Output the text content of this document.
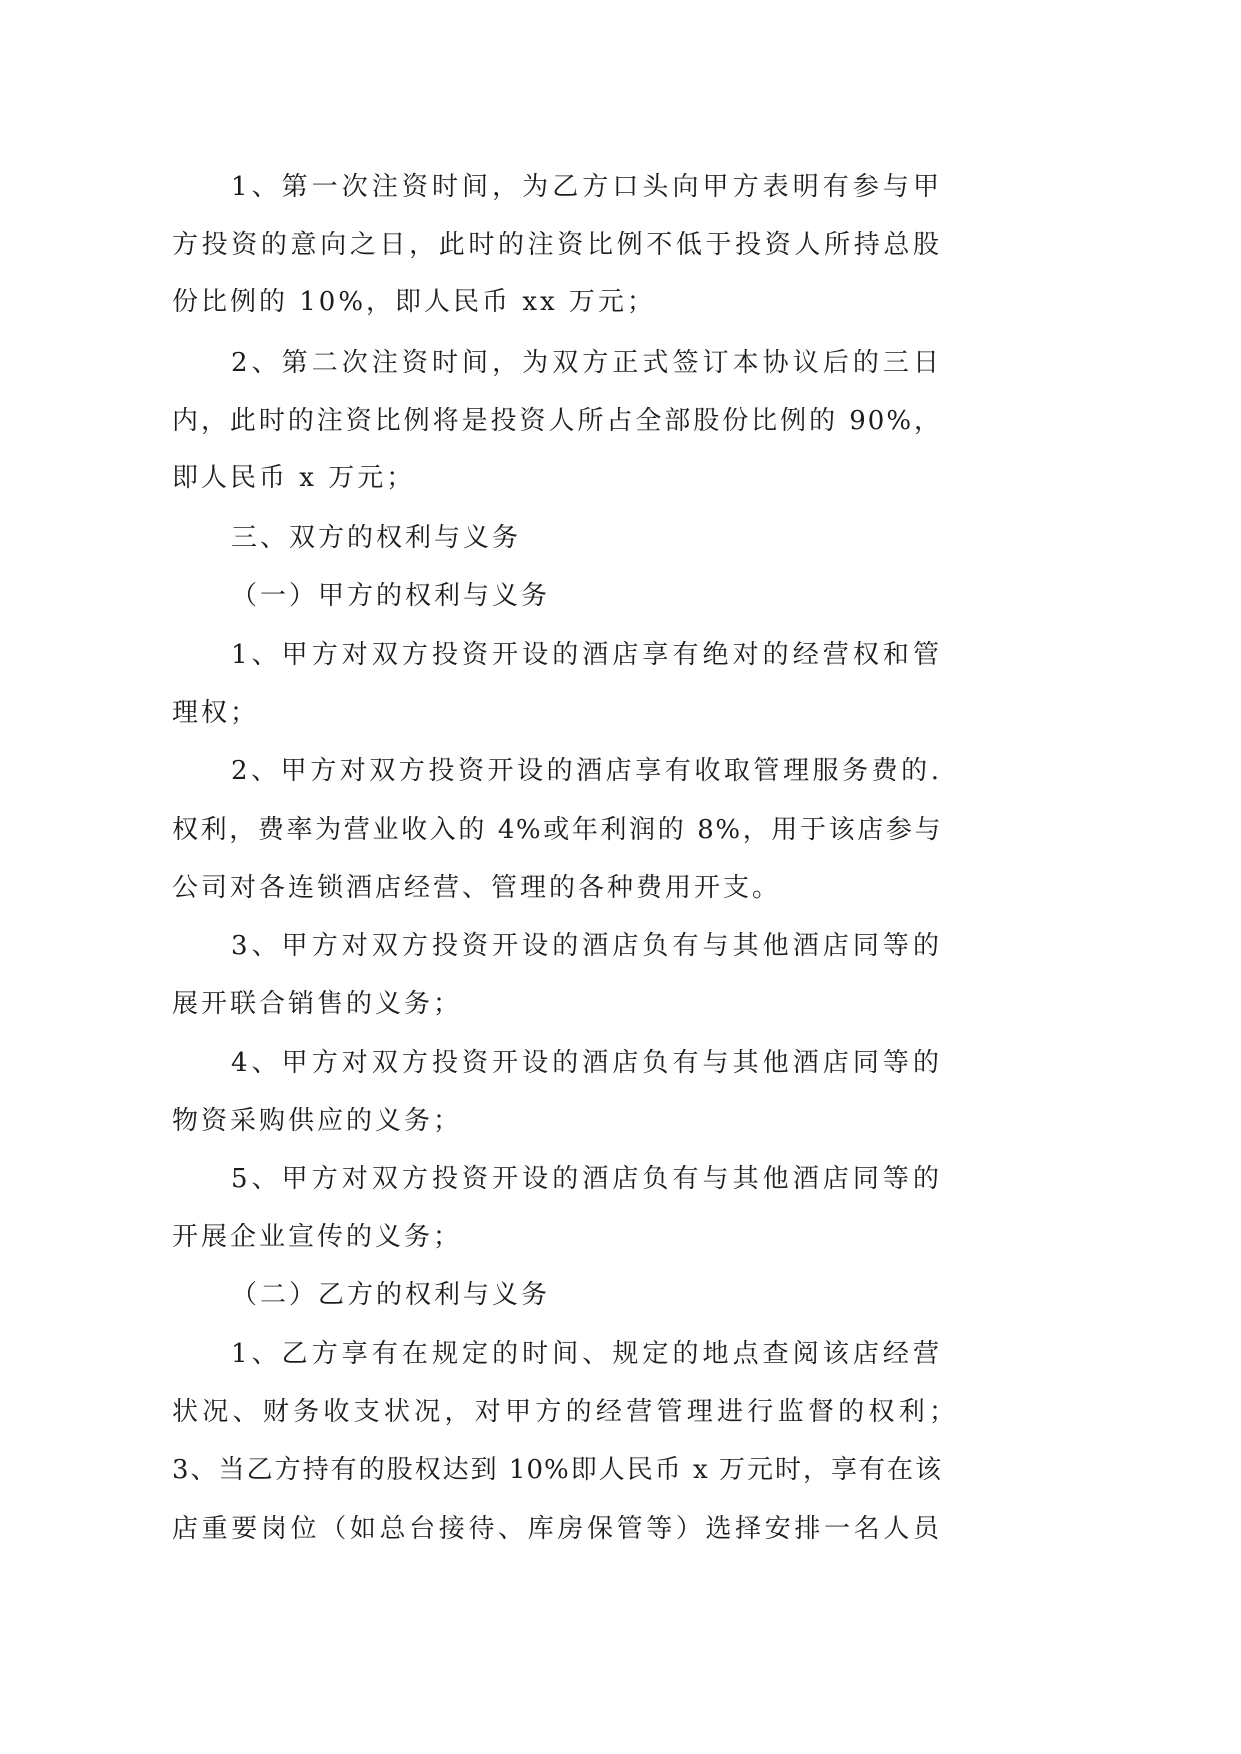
1、第一次注资时间，为乙方口头向甲方表明有参与甲
方投资的意向之日，此时的注资比例不低于投资人所持总股
份比例的 10%，即人民币 xx 万元；
2、第二次注资时间，为双方正式签订本协议后的三日
内，此时的注资比例将是投资人所占全部股份比例的 90%，
即人民币 x 万元；
三、双方的权利与义务
（一）甲方的权利与义务
1、甲方对双方投资开设的酒店享有绝对的经营权和管
理权；
2、甲方对双方投资开设的酒店享有收取管理服务费的.
权利，费率为营业收入的 4%或年利润的 8%，用于该店参与
公司对各连锁酒店经营、管理的各种费用开支。
3、甲方对双方投资开设的酒店负有与其他酒店同等的
展开联合销售的义务；
4、甲方对双方投资开设的酒店负有与其他酒店同等的
物资采购供应的义务；
5、甲方对双方投资开设的酒店负有与其他酒店同等的
开展企业宣传的义务；
（二）乙方的权利与义务
1、乙方享有在规定的时间、规定的地点查阅该店经营
状况、财务收支状况，对甲方的经营管理进行监督的权利；
3、当乙方持有的股权达到 10%即人民币 x 万元时，享有在该
店重要岗位（如总台接待、库房保管等）选择安排一名人员
